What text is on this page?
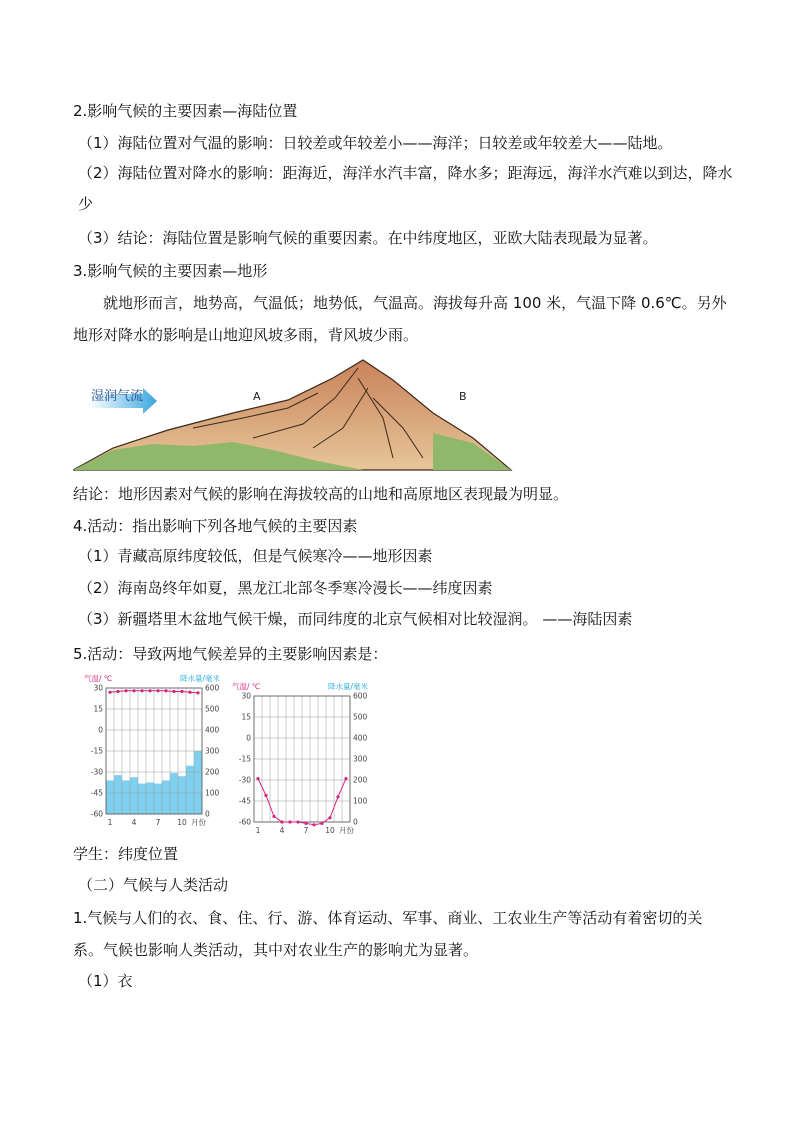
2.影响气候的主要因素—海陆位置
（1）海陆位置对气温的影响：日较差或年较差小——海洋；日较差或年较差大——陆地。
（2）海陆位置对降水的影响：距海近，海洋水汽丰富，降水多；距海远，海洋水汽难以到达，降水少
（3）结论：海陆位置是影响气候的重要因素。在中纬度地区，亚欧大陆表现最为显著。
3.影响气候的主要因素—地形
就地形而言，地势高，气温低；地势低，气温高。海拔每升高 100 米，气温下降 0.6℃。另外地形对降水的影响是山地迎风坡多雨，背风坡少雨。
湿润气流	A	B
结论：地形因素对气候的影响在海拔较高的山地和高原地区表现最为明显。
4.活动：指出影响下列各地气候的主要因素
（1）青藏高原纬度较低，但是气候寒冷——地形因素
（2）海南岛终年如夏，黑龙江北部冬季寒冷漫长——纬度因素
（3）新疆塔里木盆地气候干燥，而同纬度的北京气候相对比较湿润。 ——海陆因素
5.活动：导致两地气候差异的主要影响因素是：
气温/ ℃	降水量/毫米
30
15
0
-15
-30
-45
-60
600
500
400
300
200
100
0
1	4	7 10 月份
气温/ ℃	降水量/毫米
30
15
0
-15
-30
-45
-60
600
500
400
300
200
100
0
1	4	7 10 月份
学生：纬度位置
（二）气候与人类活动
1.气候与人们的衣、食、住、行、游、体育运动、军事、商业、工农业生产等活动有着密切的关系。气候也影响人类活动，其中对农业生产的影响尤为显著。
（1）衣
